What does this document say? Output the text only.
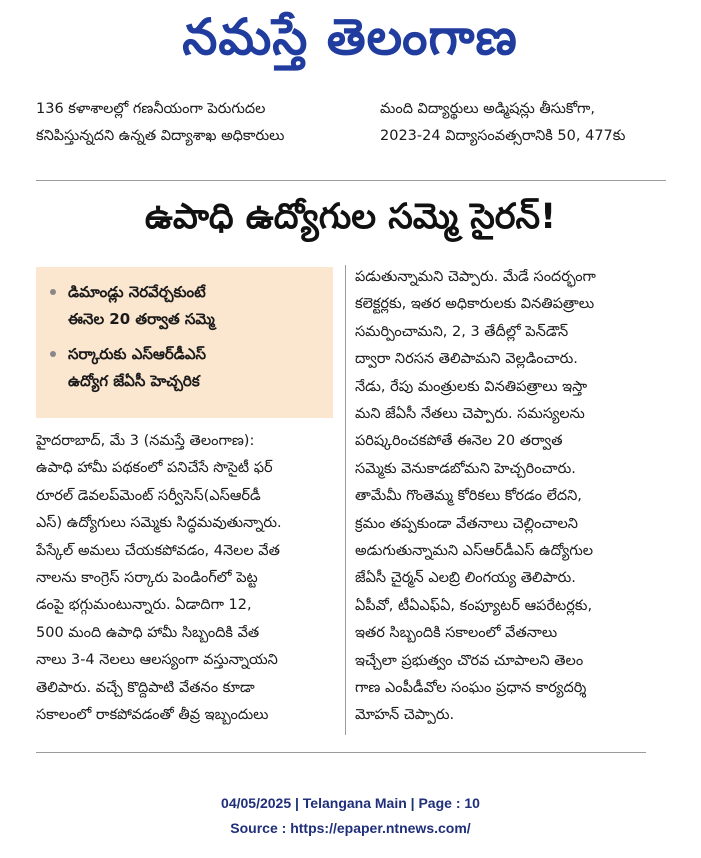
నమస్తే తెలంగాణ
136 కళాశాలల్లో గణనీయంగా పెరుగుదల
కనిపిస్తున్నదని ఉన్నత విద్యాశాఖ అధికారులు
మంది విద్యార్థులు అడ్మిషన్లు తీసుకోగా,
2023-24 విద్యాసంవత్సరానికి 50, 477కు
ఉపాధి ఉద్యోగుల సమ్మె సైరన్!
డిమాండ్లు నెరవేర్చకుంటే
ఈనెల 20 తర్వాత సమ్మె
సర్కారుకు ఎస్‌ఆర్‌డీఎస్
ఉద్యోగ జేఏసీ హెచ్చరిక
హైదరాబాద్, మే 3 (నమస్తే తెలంగాణ):
ఉపాధి హామీ పథకంలో పనిచేసే సొసైటీ ఫర్
రూరల్ డెవలప్‌మెంట్ సర్వీసెస్(ఎస్‌ఆర్‌డీ
ఎస్) ఉద్యోగులు సమ్మెకు సిద్ధమవుతున్నారు.
పేస్కేల్ అమలు చేయకపోవడం, 4నెలల వేత
నాలను కాంగ్రెస్ సర్కారు పెండింగ్‌లో పెట్ట
డంపై భగ్గుమంటున్నారు. ఏడాదిగా 12,
500 మంది ఉపాధి హామీ సిబ్బందికి వేత
నాలు 3-4 నెలలు ఆలస్యంగా వస్తున్నాయని
తెలిపారు. వచ్చే కొద్దిపాటి వేతనం కూడా
సకాలంలో రాకపోవడంతో తీవ్ర ఇబ్బందులు
పడుతున్నామని చెప్పారు. మేడే సందర్భంగా
కలెక్టర్లకు, ఇతర అధికారులకు వినతిపత్రాలు
సమర్పించామని, 2, 3 తేదీల్లో పెన్‌డౌన్
ద్వారా నిరసన తెలిపామని వెల్లడించారు.
నేడు, రేపు మంత్రులకు వినతిపత్రాలు ఇస్తా
మని జేఏసీ నేతలు చెప్పారు. సమస్యలను
పరిష్కరించకపోతే ఈనెల 20 తర్వాత
సమ్మెకు వెనుకాడబోమని హెచ్చరించారు.
తామేమీ గొంతెమ్మ కోరికలు కోరడం లేదని,
క్రమం తప్పకుండా వేతనాలు చెల్లించాలని
అడుగుతున్నామని ఎస్‌ఆర్‌డీఎస్ ఉద్యోగుల
జేఏసీ చైర్మన్ ఎలబ్రి లింగయ్య తెలిపారు.
ఏపీవో, టీఏఎఫ్‌ఏ, కంప్యూటర్ ఆపరేటర్లకు,
ఇతర సిబ్బందికి సకాలంలో వేతనాలు
ఇచ్చేలా ప్రభుత్వం చొరవ చూపాలని తెలం
గాణ ఎంపీడీవోల సంఘం ప్రధాన కార్యదర్శి
మోహన్ చెప్పారు.
04/05/2025 | Telangana Main | Page : 10
Source : https://epaper.ntnews.com/
